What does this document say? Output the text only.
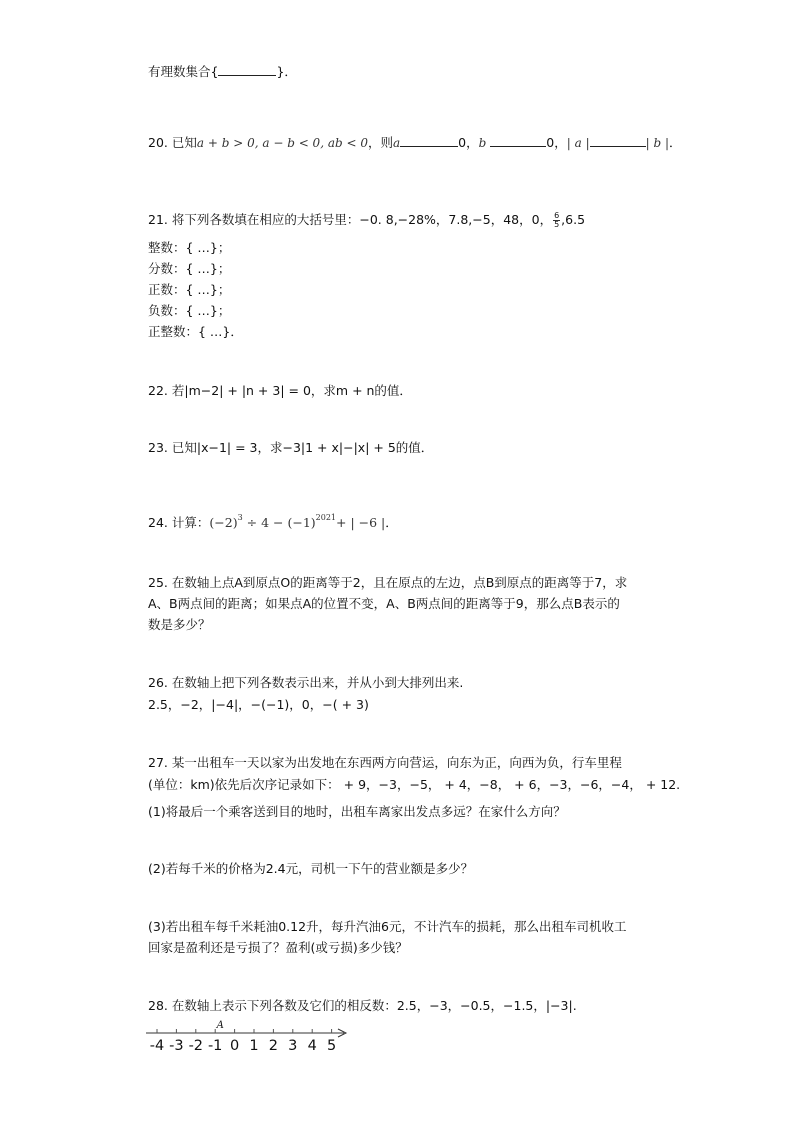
有理数集合{	}．
20. 已知a + b > 0, a − b < 0, ab < 0，则a	0，b	0，| a |	| b |．
21. 将下列各数填在相应的大括号里：−0. 8,−28%，7.8,−5，48，0， $\frac{6}{5} ,6.5$
整数：{ …}；
分数：{ …}；
正数：{ …}；
负数：{ …}；
正整数：{ …}．
22. 若|m−2| + |n + 3| = 0，求m + n的值．
23. 已知|x−1| = 3，求−3|1 + x|−|x| + 5的值．
24. 计算：$(-2)^3 \div 4 - (-1)^{2021}+$ | −6 |．
25. 在数轴上点A到原点O的距离等于2，且在原点的左边，点B到原点的距离等于7，求
A、B两点间的距离；如果点A的位置不变，A、B两点间的距离等于9，那么点B表示的
数是多少？
26. 在数轴上把下列各数表示出来，并从小到大排列出来.
2.5，−2，|−4|，−(−1)，0，−( + 3)
27. 某一出租车一天以家为出发地在东西两方向营运，向东为正，向西为负，行车里程
(单位：km)依先后次序记录如下： + 9，−3，−5， + 4，−8， + 6，−3，−6，−4， + 12.
(1)将最后一个乘客送到目的地时，出租车离家出发点多远？在家什么方向？
(2)若每千米的价格为2.4元，司机一下午的营业额是多少？
(3)若出租车每千米耗油0.12升，每升汽油6元，不计汽车的损耗，那么出租车司机收工
回家是盈利还是亏损了？盈利(或亏损)多少钱？
28. 在数轴上表示下列各数及它们的相反数：2.5，−3，−0.5，−1.5，|−3|.
-4 -3 -2 -1 0 1 2 3 4 5
A
